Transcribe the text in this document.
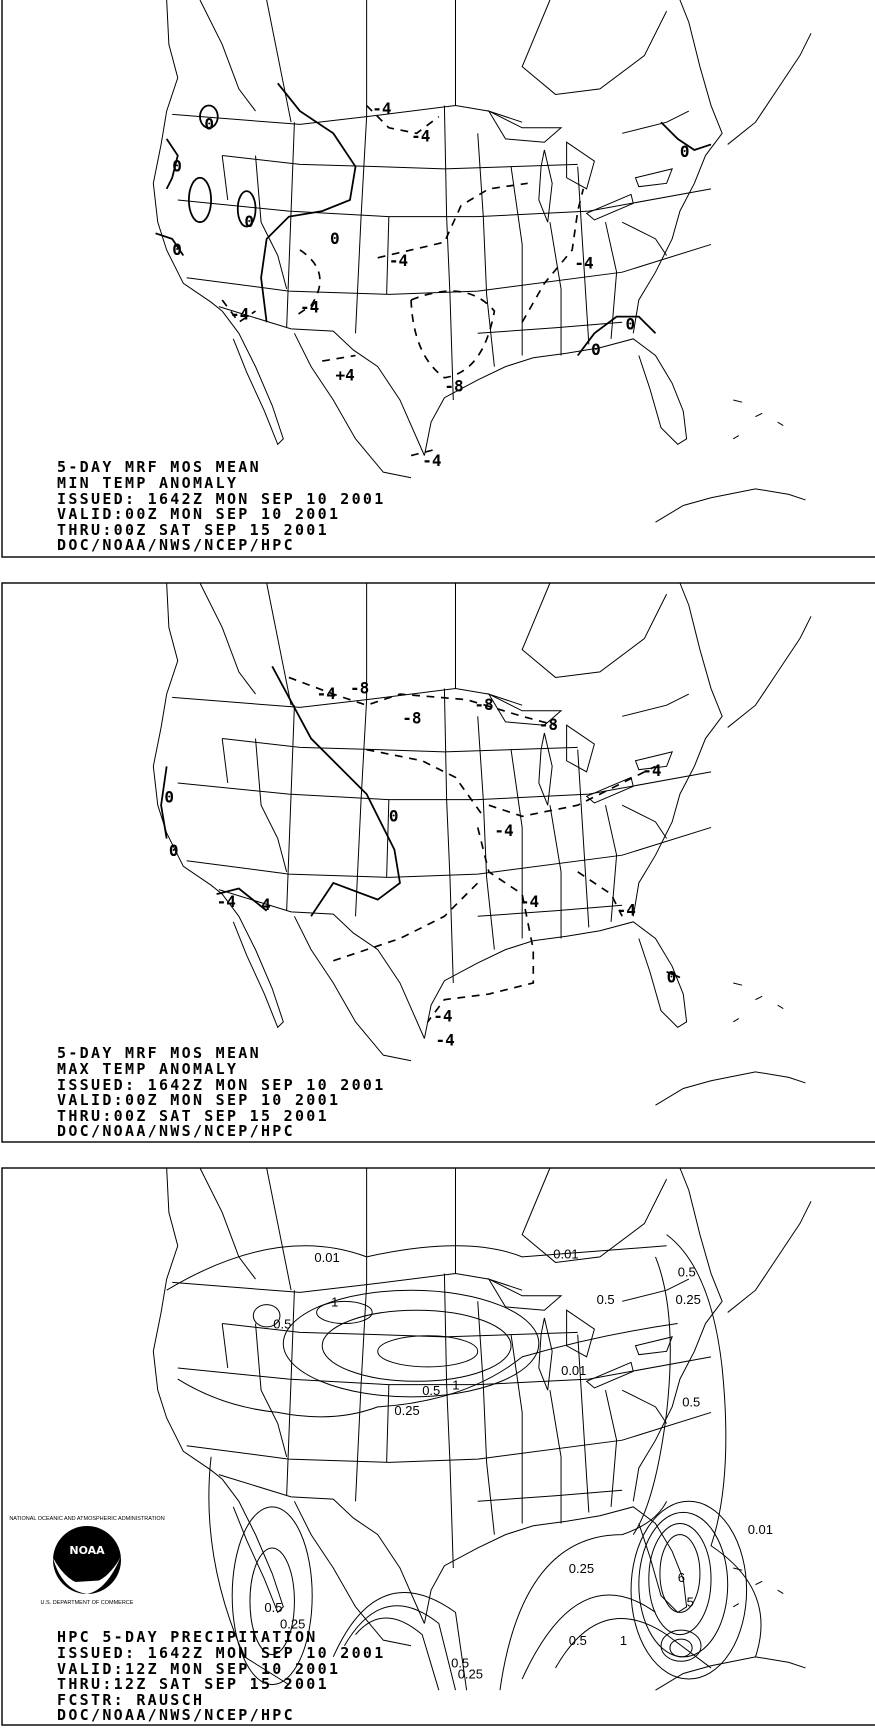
NOAA
NATIONAL OCEANIC AND ATMOSPHERIC ADMINISTRATION
U.S. DEPARTMENT OF COMMERCE
0
0
0
0
0
0
0
0
-4
-4
-4	-4
-4
-4
+4
-8
-4
-4 -8
-8
-8
-8
-4
0
0
0
-4
4	-4	-4
-4
0
-4
-4
0.01	0.01
0.5
0.5
0.25
0.5
1
0.5 1
0.25
0.01
0.5
0.01
0.25
6
5
0.5
0.25
0.5
0.25
0.5	1
5-DAY MRF MOS MEAN
MIN TEMP ANOMALY
ISSUED: 1642Z MON SEP 10 2001
VALID:00Z MON SEP 10 2001
THRU:00Z SAT SEP 15 2001
DOC/NOAA/NWS/NCEP/HPC
5-DAY MRF MOS MEAN
MAX TEMP ANOMALY
ISSUED: 1642Z MON SEP 10 2001
VALID:00Z MON SEP 10 2001
THRU:00Z SAT SEP 15 2001
DOC/NOAA/NWS/NCEP/HPC
HPC 5-DAY PRECIPITATION
ISSUED: 1642Z MON SEP 10 2001
VALID:12Z MON SEP 10 2001
THRU:12Z SAT SEP 15 2001
FCSTR: RAUSCH
DOC/NOAA/NWS/NCEP/HPC
